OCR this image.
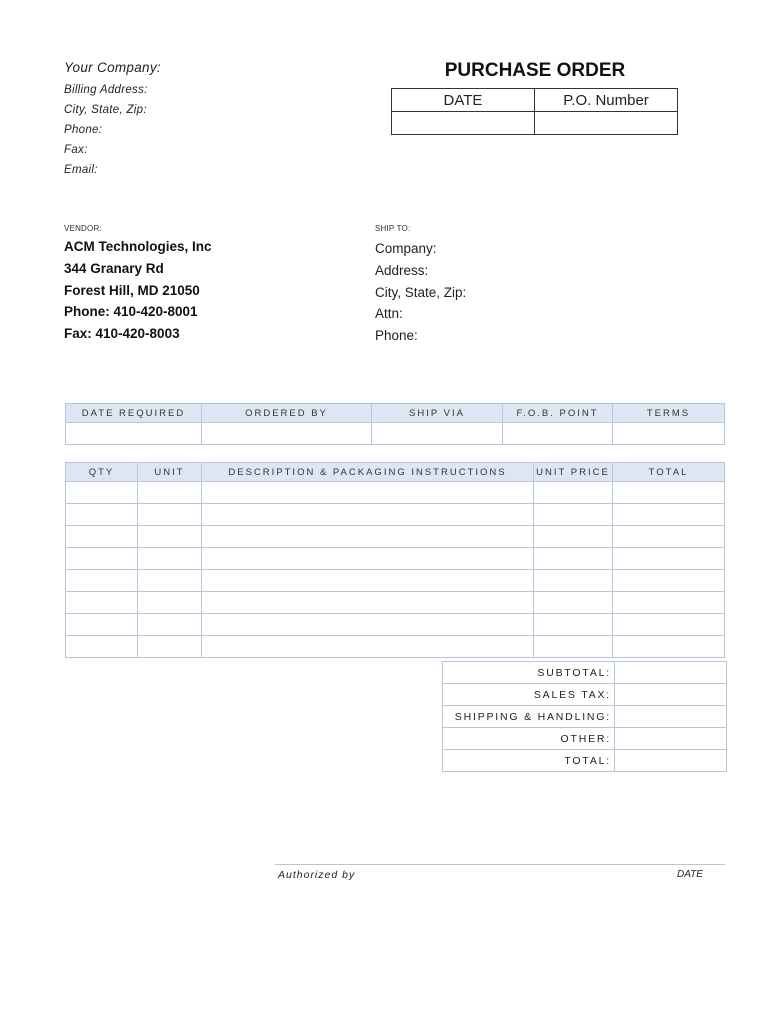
Your Company:
Billing Address:
City, State, Zip:
Phone:
Fax:
Email:
PURCHASE ORDER
DATE	P.O. Number

VENDOR:	SHIP TO:
ACM Technologies, Inc
344 Granary Rd
Forest Hill, MD 21050
Phone: 410-420-8001
Fax: 410-420-8003
Company:
Address:
City, State, Zip:
Attn:
Phone:
DATE REQUIRED	ORDERED BY	SHIP VIA	F.O.B. POINT	TERMS

QTY	UNIT	DESCRIPTION & PACKAGING INSTRUCTIONS	UNIT PRICE	TOTAL

SUBTOTAL:	
SALES TAX:	
SHIPPING & HANDLING:	
OTHER:	
TOTAL:	
Authorized by	DATE
